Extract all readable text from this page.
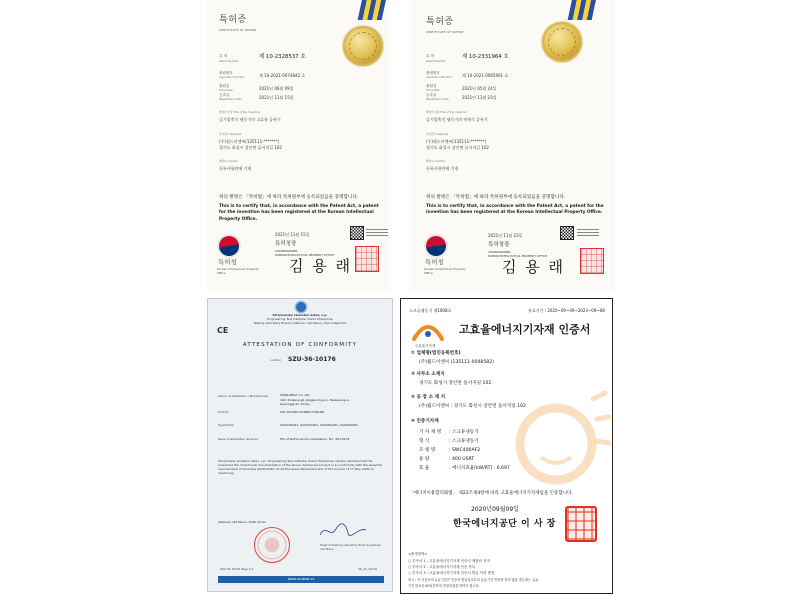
특허증
CERTIFICATE OF PATENT
특 허
Patent Number
제 10-2328537 호
출원번호
Application Number	제 10-2021-0074842 호
출원일
Filing Date	2021년 06월 09일
등록일
Registration Date	2021년 11월 15일
발명의 명칭 Title of the Invention
증기압축식 냉동기의 고효율 증폭기
특허권자 Patentee
(주)월드이엔씨(135111-*******)
경기도 화성시 장안면 돌서지길 102
발명자 Inventor
등록사항란에 기재
위의 발명은 「특허법」에 따라 특허원부에 등록되었음을 증명합니다.
This is to certify that, in accordance with the Patent Act, a patent for the invention has been registered at the Korean Intellectual Property Office.
2021년 11월 15일
특허청
Korean Intellectual Property Office
특허청장
COMMISSIONER,
KOREAN INTELLECTUAL PROPERTY OFFICE
김 용 래
특허증
CERTIFICATE OF PATENT
특 허
Patent Number
제 10-2331964 호
출원번호
Application Number	제 10-2021-0065901 호
출원일
Filing Date	2021년 05월 24일
등록일
Registration Date	2021년 11월 23일
발명의 명칭 Title of the Invention
증기압축식 냉동기의 연계식 증폭기
특허권자 Patentee
(주)월드이엔씨(135111-*******)
경기도 화성시 장안면 돌서지길 102
발명자 Inventor
등록사항란에 기재
위의 발명은 「특허법」에 따라 특허원부에 등록되었음을 증명합니다.
This is to certify that, in accordance with the Patent Act, a patent for the invention has been registered at the Korean Intellectual Property Office.
2021년 11월 23일
특허청
Korean Intellectual Property Office
특허청장
COMMISSIONER,
KOREAN INTELLECTUAL PROPERTY OFFICE
김 용 래
Strojírenský zkušební ústav, s.p.
Engineering Test Institute, Public Enterprise
Testing laboratory Branch Jablonec nad Nisou, Czech Republic
CE
ATTESTATION OF CONFORMITY
number SZU-36-10176
Owner of Attestation / Manufacturer	WORLDE&C Co. Ltd.
102, Dolseoji-gil, Jangan-myeon, Hwaseong-si,
Gyeonggi-do, Korea
Product	AIR COOLED SCREW CHILLER
Type/Model	SAC040AD1, SAC045AD1, SAC050AD1, SAC060AD1
Basis of attestation issuance	File of technical documentation, No. 36-10176
Strojírenský zkušební ústav, s.p., Engineering Test Institute, Public Enterprise, hereby declares that the presented file of technical documentation of the above-mentioned product is in conformity with the essential requirements of Directive 2006/42/EC of the European Parliament and of the Council of 17 May 2006 on machinery.
Jablonec nad Nisou, 2020-10-01
Head of Testing Laboratory Branch Jablonec nad Nisou
SZU-36-10176 Page 1/1	36_AC_10176
www.szutest.cz
스크류냉동기 제1008호	유효기간 : 2020~09~09~2023~09~08
고효율기자재
고효율에너지기자재 인증서
① 업체명(법인등록번호)
(주)월드이엔씨 (135111-0048582)
② 사무소 소재지
경기도 화성시 장안면 돌서지길 102
③ 공 장 소 재 지
(주)월드이엔씨 : 경기도 화성시 장안면 돌서지길 102
④ 인증기자재
기 자 재 명 : 스크류냉동기
형 식	: 스크류냉동기
모 델 명	: SWC400AF2
용 량	: 400 USRT
효 율	: 에너지효율[kW/RT] : 0.697
「에너지이용합리화법」 제22조제4항에 따라 고효율에너지기자재임을 인증합니다.
2020년09월09일
한국에너지공단 이 사 장
<변경내역>
○ 부속서 1 : 고효율에너지기자재 인증서 제품의 목적
○ 부속서 2 : 고효율에너지기자재 인증 목록
○ 부속서 3 : 고효율에너지기자재 인증서 발급 이력 변경
비고 : 이 인증서의 유효기간은 인증서 발급일로부터 유효기간 연장을 하지 않을 경우에는 유효
기간 만료일 60일전까지 연장신청을 하여야 합니다.
